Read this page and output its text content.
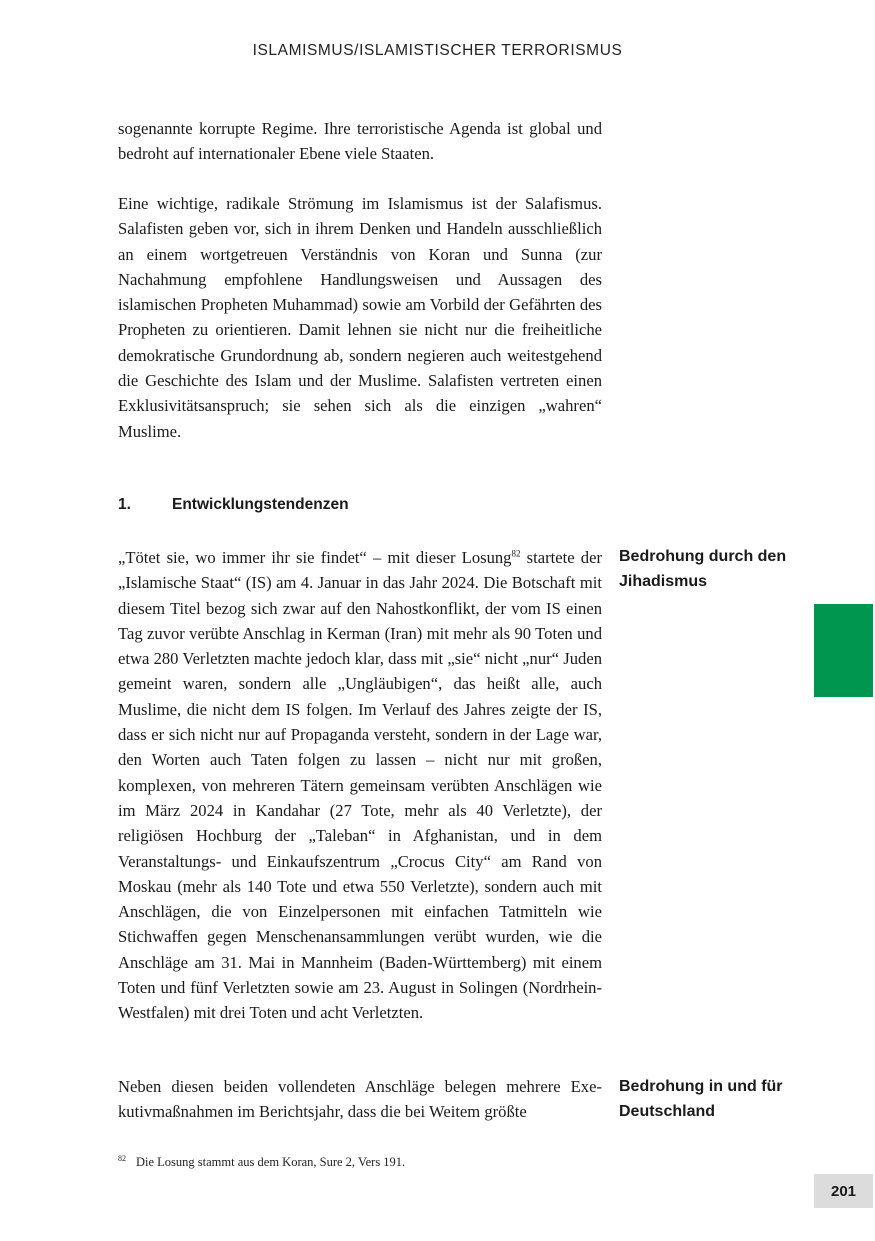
ISLAMISMUS/ISLAMISTISCHER TERRORISMUS

sogenannte korrupte Regime. Ihre terroristische Agenda ist global und bedroht auf internationaler Ebene viele Staaten.

Eine wichtige, radikale Strömung im Islamismus ist der Salafismus. Salafisten geben vor, sich in ihrem Denken und Handeln ausschließlich an einem wortgetreuen Verständnis von Koran und Sunna (zur Nachahmung empfohlene Handlungsweisen und Aussagen des islamischen Propheten Muhammad) sowie am Vorbild der Gefährten des Propheten zu orientieren. Damit lehnen sie nicht nur die freiheitliche demokratische Grundordnung ab, sondern negieren auch weitestgehend die Geschichte des Islam und der Muslime. Salafisten vertreten einen Exklusivitätsanspruch; sie sehen sich als die einzigen „wahren“ Muslime.

1.	Entwicklungstendenzen

„Tötet sie, wo immer ihr sie findet“ – mit dieser Losung$^{82}$ startete der „Islamische Staat“ (IS) am 4. Januar in das Jahr 2024. Die Botschaft mit diesem Titel bezog sich zwar auf den Nahostkonflikt, der vom IS einen Tag zuvor verübte Anschlag in Kerman (Iran) mit mehr als 90 Toten und etwa 280 Verletzten machte jedoch klar, dass mit „sie“ nicht „nur“ Juden gemeint waren, sondern alle „Ungläubigen“, das heißt alle, auch Muslime, die nicht dem IS folgen. Im Verlauf des Jahres zeigte der IS, dass er sich nicht nur auf Propaganda versteht, sondern in der Lage war, den Worten auch Taten folgen zu lassen – nicht nur mit großen, komplexen, von mehreren Tätern gemeinsam verübten Anschlägen wie im März 2024 in Kandahar (27 Tote, mehr als 40 Verletzte), der religiösen Hochburg der „Taleban“ in Afghanistan, und in dem Veranstaltungs- und Einkaufszentrum „Crocus City“ am Rand von Moskau (mehr als 140 Tote und etwa 550 Verletzte), sondern auch mit Anschlägen, die von Einzelpersonen mit einfachen Tatmitteln wie Stichwaffen gegen Menschenansammlungen verübt wurden, wie die Anschläge am 31. Mai in Mannheim (Baden-Württemberg) mit einem Toten und fünf Verletzten sowie am 23. August in Solingen (Nordrhein-Westfalen) mit drei Toten und acht Verletzten.

Neben diesen beiden vollendeten Anschläge belegen mehrere Exekutivmaßnahmen im Berichtsjahr, dass die bei Weitem größte

Bedrohung durch den Jihadismus
Bedrohung in und für Deutschland
$^{82}$ Die Losung stammt aus dem Koran, Sure 2, Vers 191.
201
